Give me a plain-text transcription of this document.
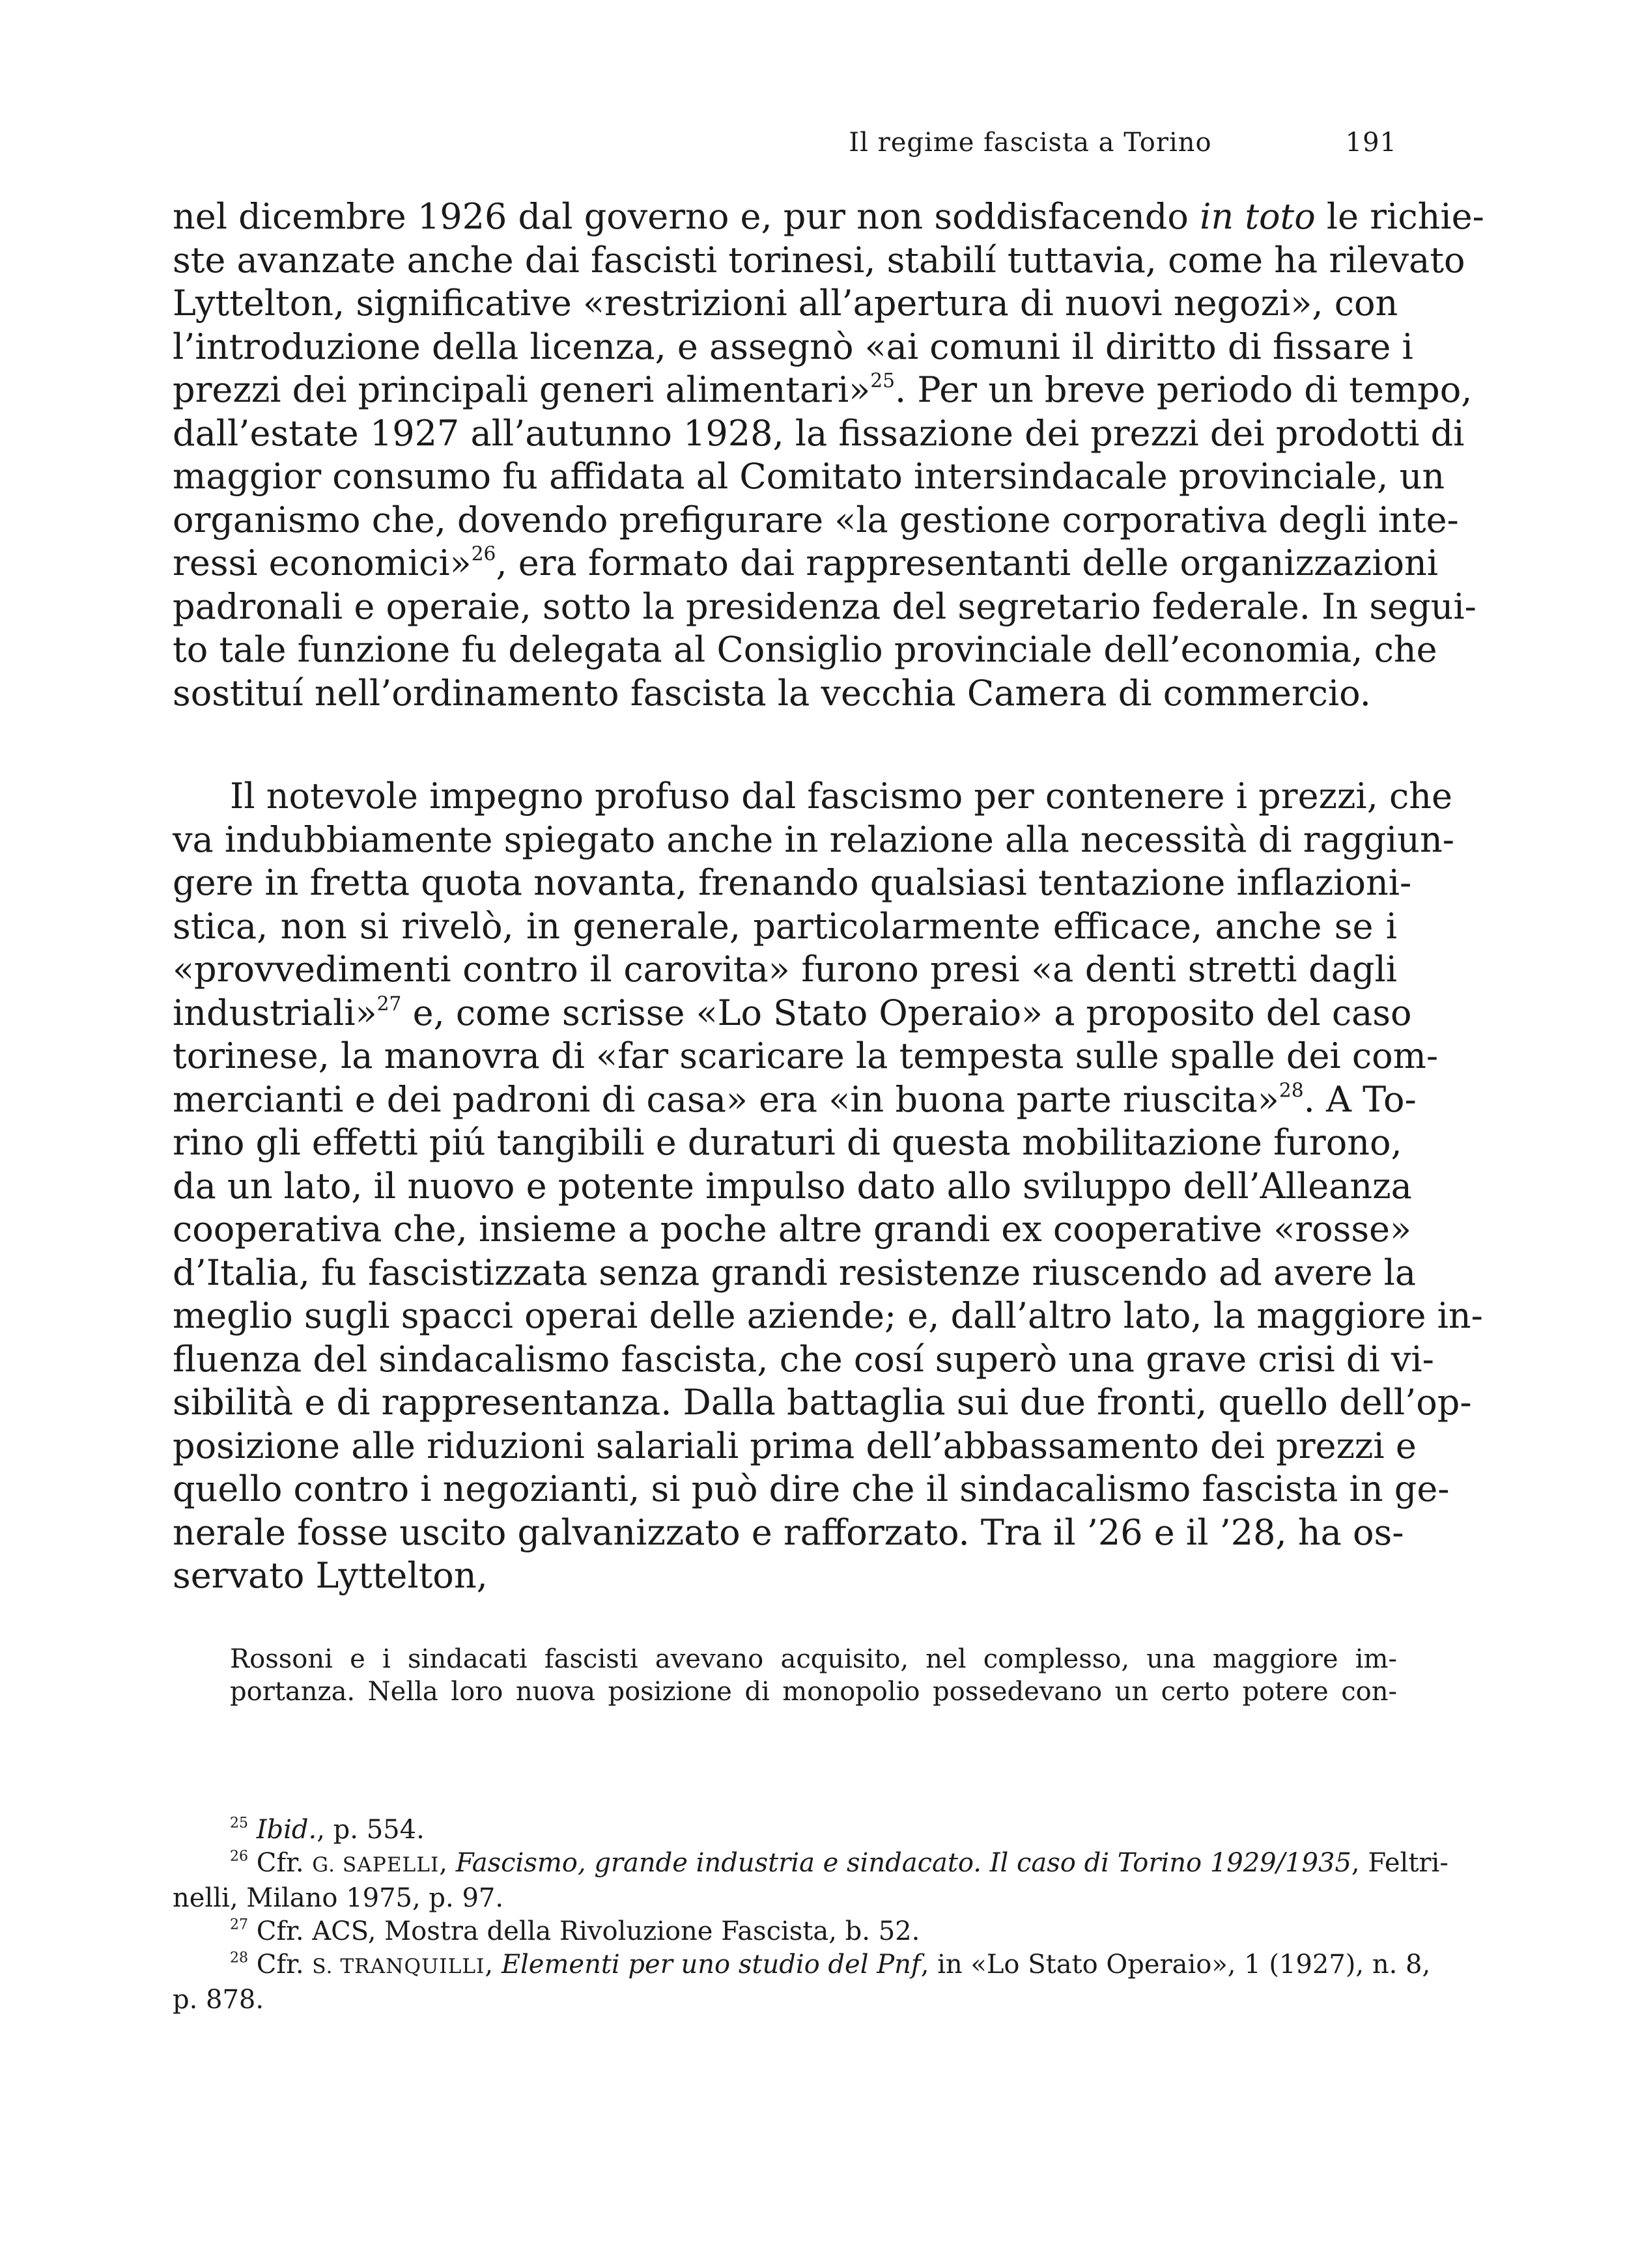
Il regime fascista a Torino	191
nel dicembre 1926 dal governo e, pur non soddisfacendo in toto le richie-
ste avanzate anche dai fascisti torinesi, stabilí tuttavia, come ha rilevato
Lyttelton, significative «restrizioni all’apertura di nuovi negozi», con
l’introduzione della licenza, e assegnò «ai comuni il diritto di fissare i
prezzi dei principali generi alimentari»$^{25}$. Per un breve periodo di tempo,
dall’estate 1927 all’autunno 1928, la fissazione dei prezzi dei prodotti di
maggior consumo fu affidata al Comitato intersindacale provinciale, un
organismo che, dovendo prefigurare «la gestione corporativa degli inte-
ressi economici»$^{26}$, era formato dai rappresentanti delle organizzazioni
padronali e operaie, sotto la presidenza del segretario federale. In segui-
to tale funzione fu delegata al Consiglio provinciale dell’economia, che
sostituí nell’ordinamento fascista la vecchia Camera di commercio.
Il notevole impegno profuso dal fascismo per contenere i prezzi, che
va indubbiamente spiegato anche in relazione alla necessità di raggiun-
gere in fretta quota novanta, frenando qualsiasi tentazione inflazioni-
stica, non si rivelò, in generale, particolarmente efficace, anche se i
«provvedimenti contro il carovita» furono presi «a denti stretti dagli
industriali»$^{27}$ e, come scrisse «Lo Stato Operaio» a proposito del caso
torinese, la manovra di «far scaricare la tempesta sulle spalle dei com-
mercianti e dei padroni di casa» era «in buona parte riuscita»$^{28}$. A To-
rino gli effetti piú tangibili e duraturi di questa mobilitazione furono,
da un lato, il nuovo e potente impulso dato allo sviluppo dell’Alleanza
cooperativa che, insieme a poche altre grandi ex cooperative «rosse»
d’Italia, fu fascistizzata senza grandi resistenze riuscendo ad avere la
meglio sugli spacci operai delle aziende; e, dall’altro lato, la maggiore in-
fluenza del sindacalismo fascista, che cosí superò una grave crisi di vi-
sibilità e di rappresentanza. Dalla battaglia sui due fronti, quello dell’op-
posizione alle riduzioni salariali prima dell’abbassamento dei prezzi e
quello contro i negozianti, si può dire che il sindacalismo fascista in ge-
nerale fosse uscito galvanizzato e rafforzato. Tra il ’26 e il ’28, ha os-
servato Lyttelton,
Rossoni e i sindacati fascisti avevano acquisito, nel complesso, una maggiore im-
portanza. Nella loro nuova posizione di monopolio possedevano un certo potere con-
$^{25}$ Ibid., p. 554.
$^{26}$ Cfr. G. SAPELLI, Fascismo, grande industria e sindacato. Il caso di Torino 1929/1935, Feltri-
nelli, Milano 1975, p. 97.
$^{27}$ Cfr. ACS, Mostra della Rivoluzione Fascista, b. 52.
$^{28}$ Cfr. S. TRANQUILLI, Elementi per uno studio del Pnf, in «Lo Stato Operaio», 1 (1927), n. 8,
p. 878.
